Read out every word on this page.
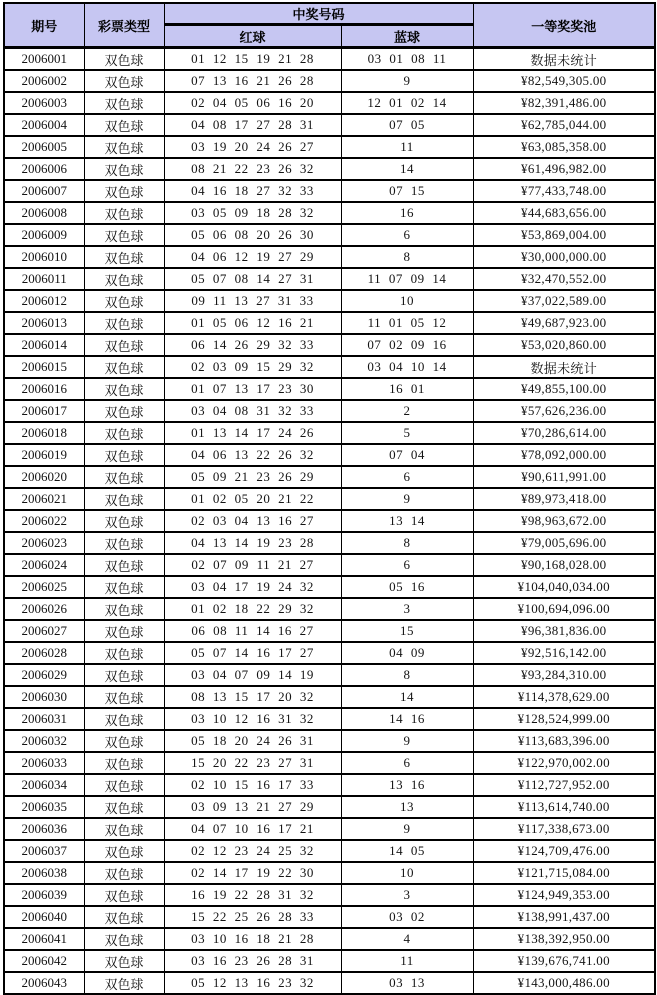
期号	彩票类型	中奖号码		一等奖奖池
		红球	蓝球	
2006001	双色球	01 12 15 19 21 28	03 01 08 11	数据未统计
2006002	双色球	07 13 16 21 26 28	9	¥82,549,305.00
2006003	双色球	02 04 05 06 16 20	12 01 02 14	¥82,391,486.00
2006004	双色球	04 08 17 27 28 31	07 05	¥62,785,044.00
2006005	双色球	03 19 20 24 26 27	11	¥63,085,358.00
2006006	双色球	08 21 22 23 26 32	14	¥61,496,982.00
2006007	双色球	04 16 18 27 32 33	07 15	¥77,433,748.00
2006008	双色球	03 05 09 18 28 32	16	¥44,683,656.00
2006009	双色球	05 06 08 20 26 30	6	¥53,869,004.00
2006010	双色球	04 06 12 19 27 29	8	¥30,000,000.00
2006011	双色球	05 07 08 14 27 31	11 07 09 14	¥32,470,552.00
2006012	双色球	09 11 13 27 31 33	10	¥37,022,589.00
2006013	双色球	01 05 06 12 16 21	11 01 05 12	¥49,687,923.00
2006014	双色球	06 14 26 29 32 33	07 02 09 16	¥53,020,860.00
2006015	双色球	02 03 09 15 29 32	03 04 10 14	数据未统计
2006016	双色球	01 07 13 17 23 30	16 01	¥49,855,100.00
2006017	双色球	03 04 08 31 32 33	2	¥57,626,236.00
2006018	双色球	01 13 14 17 24 26	5	¥70,286,614.00
2006019	双色球	04 06 13 22 26 32	07 04	¥78,092,000.00
2006020	双色球	05 09 21 23 26 29	6	¥90,611,991.00
2006021	双色球	01 02 05 20 21 22	9	¥89,973,418.00
2006022	双色球	02 03 04 13 16 27	13 14	¥98,963,672.00
2006023	双色球	04 13 14 19 23 28	8	¥79,005,696.00
2006024	双色球	02 07 09 11 21 27	6	¥90,168,028.00
2006025	双色球	03 04 17 19 24 32	05 16	¥104,040,034.00
2006026	双色球	01 02 18 22 29 32	3	¥100,694,096.00
2006027	双色球	06 08 11 14 16 27	15	¥96,381,836.00
2006028	双色球	05 07 14 16 17 27	04 09	¥92,516,142.00
2006029	双色球	03 04 07 09 14 19	8	¥93,284,310.00
2006030	双色球	08 13 15 17 20 32	14	¥114,378,629.00
2006031	双色球	03 10 12 16 31 32	14 16	¥128,524,999.00
2006032	双色球	05 18 20 24 26 31	9	¥113,683,396.00
2006033	双色球	15 20 22 23 27 31	6	¥122,970,002.00
2006034	双色球	02 10 15 16 17 33	13 16	¥112,727,952.00
2006035	双色球	03 09 13 21 27 29	13	¥113,614,740.00
2006036	双色球	04 07 10 16 17 21	9	¥117,338,673.00
2006037	双色球	02 12 23 24 25 32	14 05	¥124,709,476.00
2006038	双色球	02 14 17 19 22 30	10	¥121,715,084.00
2006039	双色球	16 19 22 28 31 32	3	¥124,949,353.00
2006040	双色球	15 22 25 26 28 33	03 02	¥138,991,437.00
2006041	双色球	03 10 16 18 21 28	4	¥138,392,950.00
2006042	双色球	03 16 23 26 28 31	11	¥139,676,741.00
2006043	双色球	05 12 13 16 23 32	03 13	¥143,000,486.00
